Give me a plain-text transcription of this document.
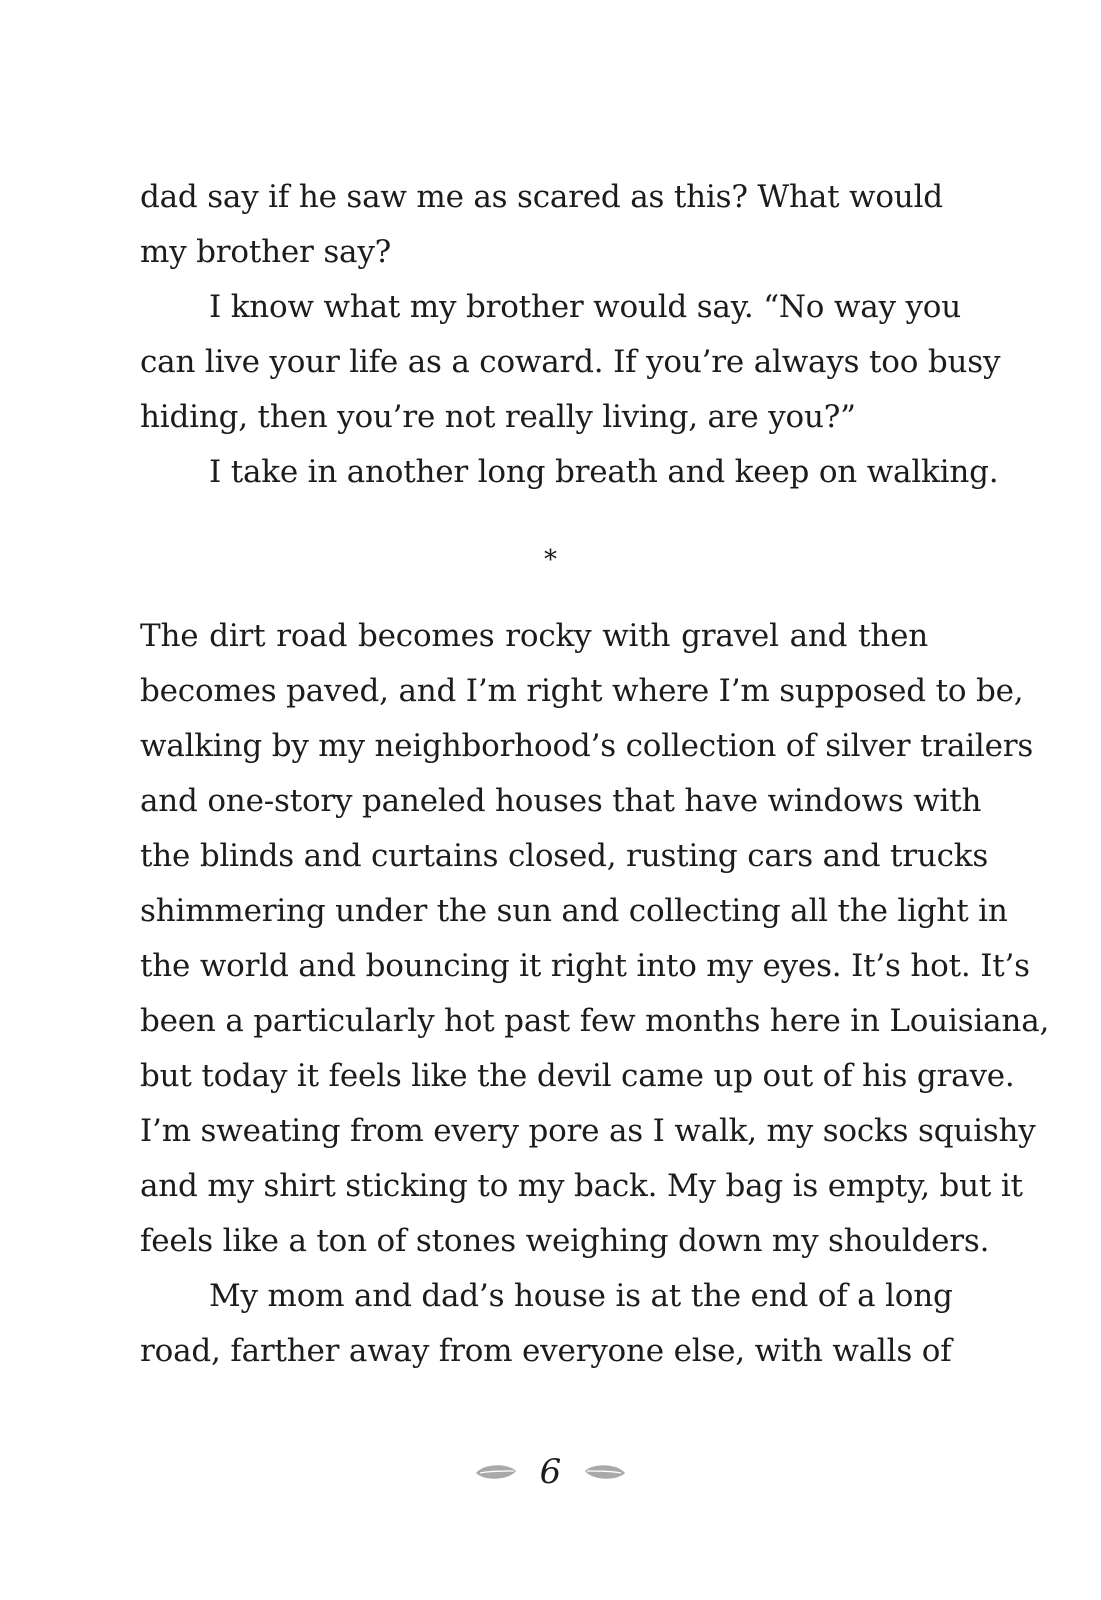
dad say if he saw me as scared as this? What would
my brother say?
I know what my brother would say. “No way you
can live your life as a coward. If you’re always too busy
hiding, then you’re not really living, are you?”
I take in another long breath and keep on walking.
*
The dirt road becomes rocky with gravel and then
becomes paved, and I’m right where I’m supposed to be,
walking by my neighborhood’s collection of silver trailers
and one-story paneled houses that have windows with
the blinds and curtains closed, rusting cars and trucks
shimmering under the sun and collecting all the light in
the world and bouncing it right into my eyes. It’s hot. It’s
been a particularly hot past few months here in Louisiana,
but today it feels like the devil came up out of his grave.
I’m sweating from every pore as I walk, my socks squishy
and my shirt sticking to my back. My bag is empty, but it
feels like a ton of stones weighing down my shoulders.
My mom and dad’s house is at the end of a long
road, farther away from everyone else, with walls of
6
